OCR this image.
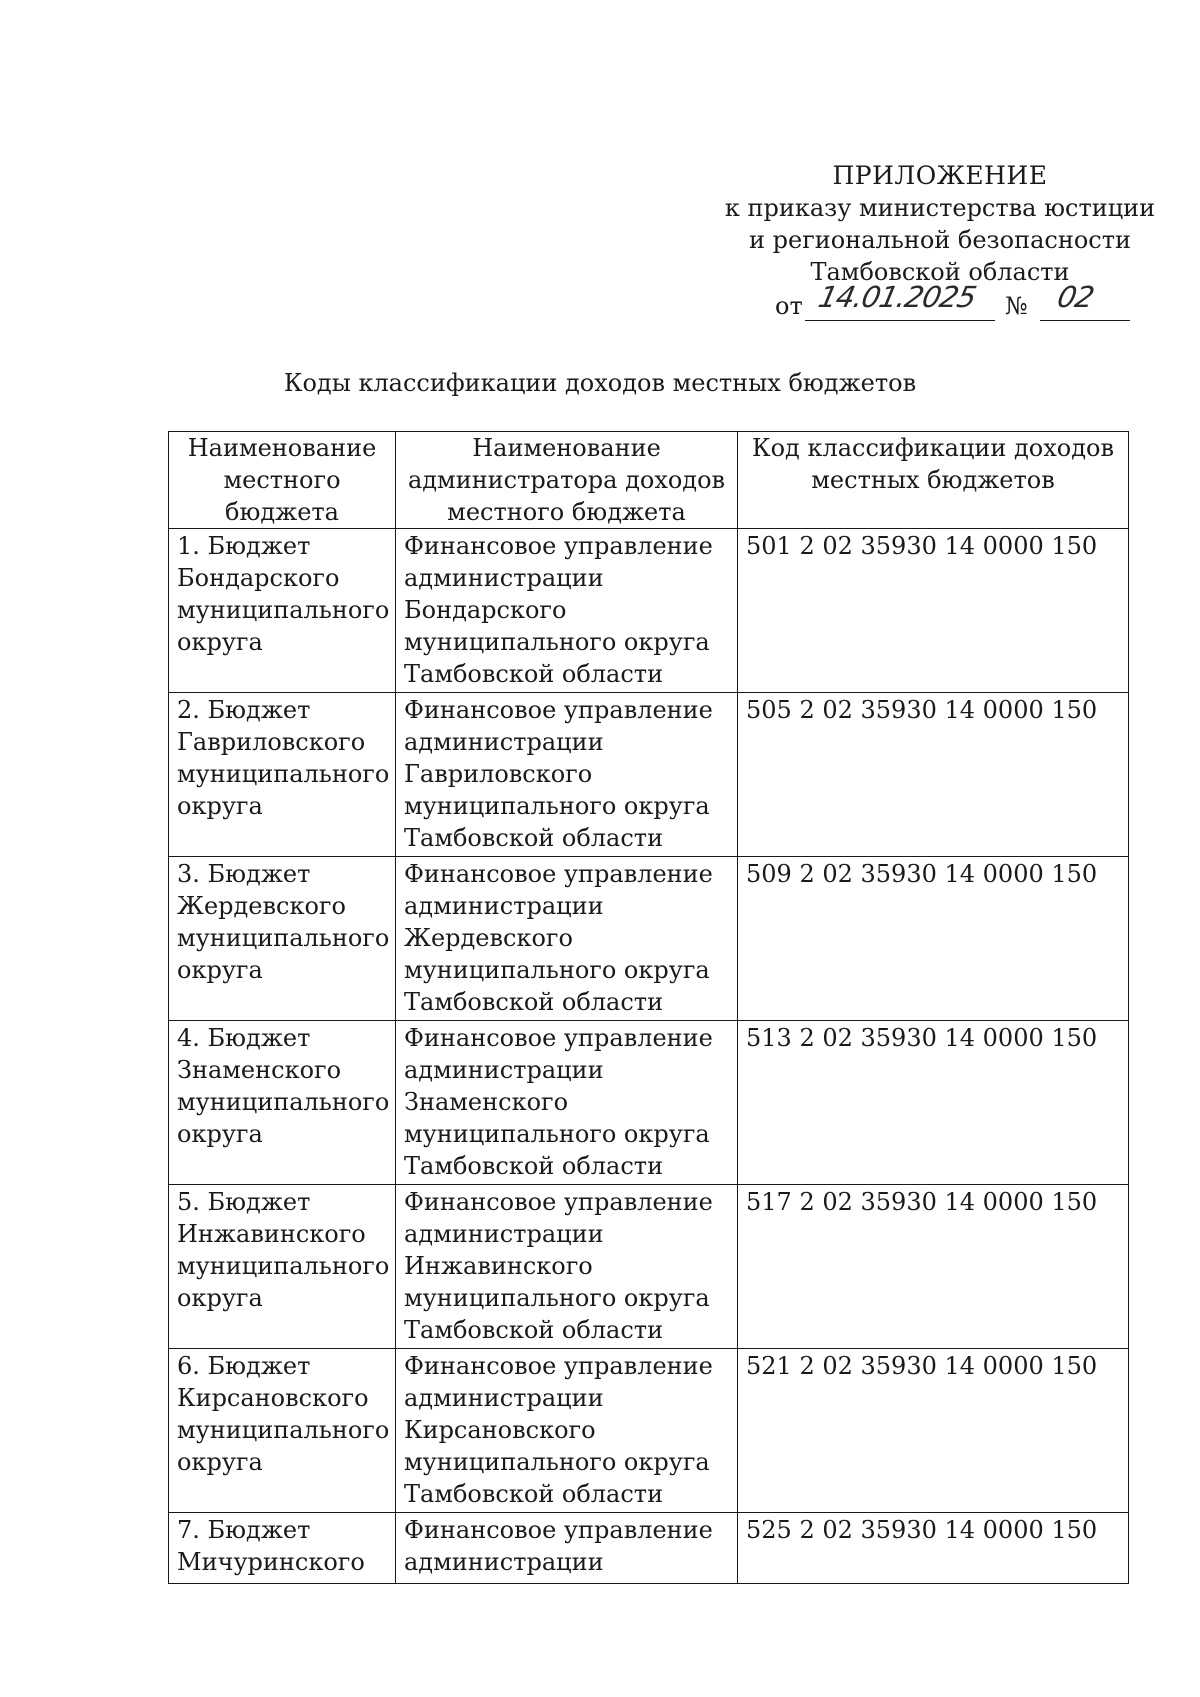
ПРИЛОЖЕНИЕ
к приказу министерства юстиции
и региональной безопасности
Тамбовской области
от 14.01.2025 № 02
Коды классификации доходов местных бюджетов
Наименование местного бюджета	Наименование администратора доходов местного бюджета	Код классификации доходов местных бюджетов

1. Бюджет
Бондарского
муниципального
округа	Финансовое управление
администрации
Бондарского
муниципального округа
Тамбовской области	501 2 02 35930 14 0000 150

2. Бюджет
Гавриловского
муниципального
округа	Финансовое управление
администрации
Гавриловского
муниципального округа
Тамбовской области	505 2 02 35930 14 0000 150

3. Бюджет
Жердевского
муниципального
округа	Финансовое управление
администрации
Жердевского
муниципального округа
Тамбовской области	509 2 02 35930 14 0000 150

4. Бюджет
Знаменского
муниципального
округа	Финансовое управление
администрации
Знаменского
муниципального округа
Тамбовской области	513 2 02 35930 14 0000 150

5. Бюджет
Инжавинского
муниципального
округа	Финансовое управление
администрации
Инжавинского
муниципального округа
Тамбовской области	517 2 02 35930 14 0000 150

6. Бюджет
Кирсановского
муниципального
округа	Финансовое управление
администрации
Кирсановского
муниципального округа
Тамбовской области	521 2 02 35930 14 0000 150

7. Бюджет
Мичуринского	Финансовое управление
администрации	525 2 02 35930 14 0000 150
